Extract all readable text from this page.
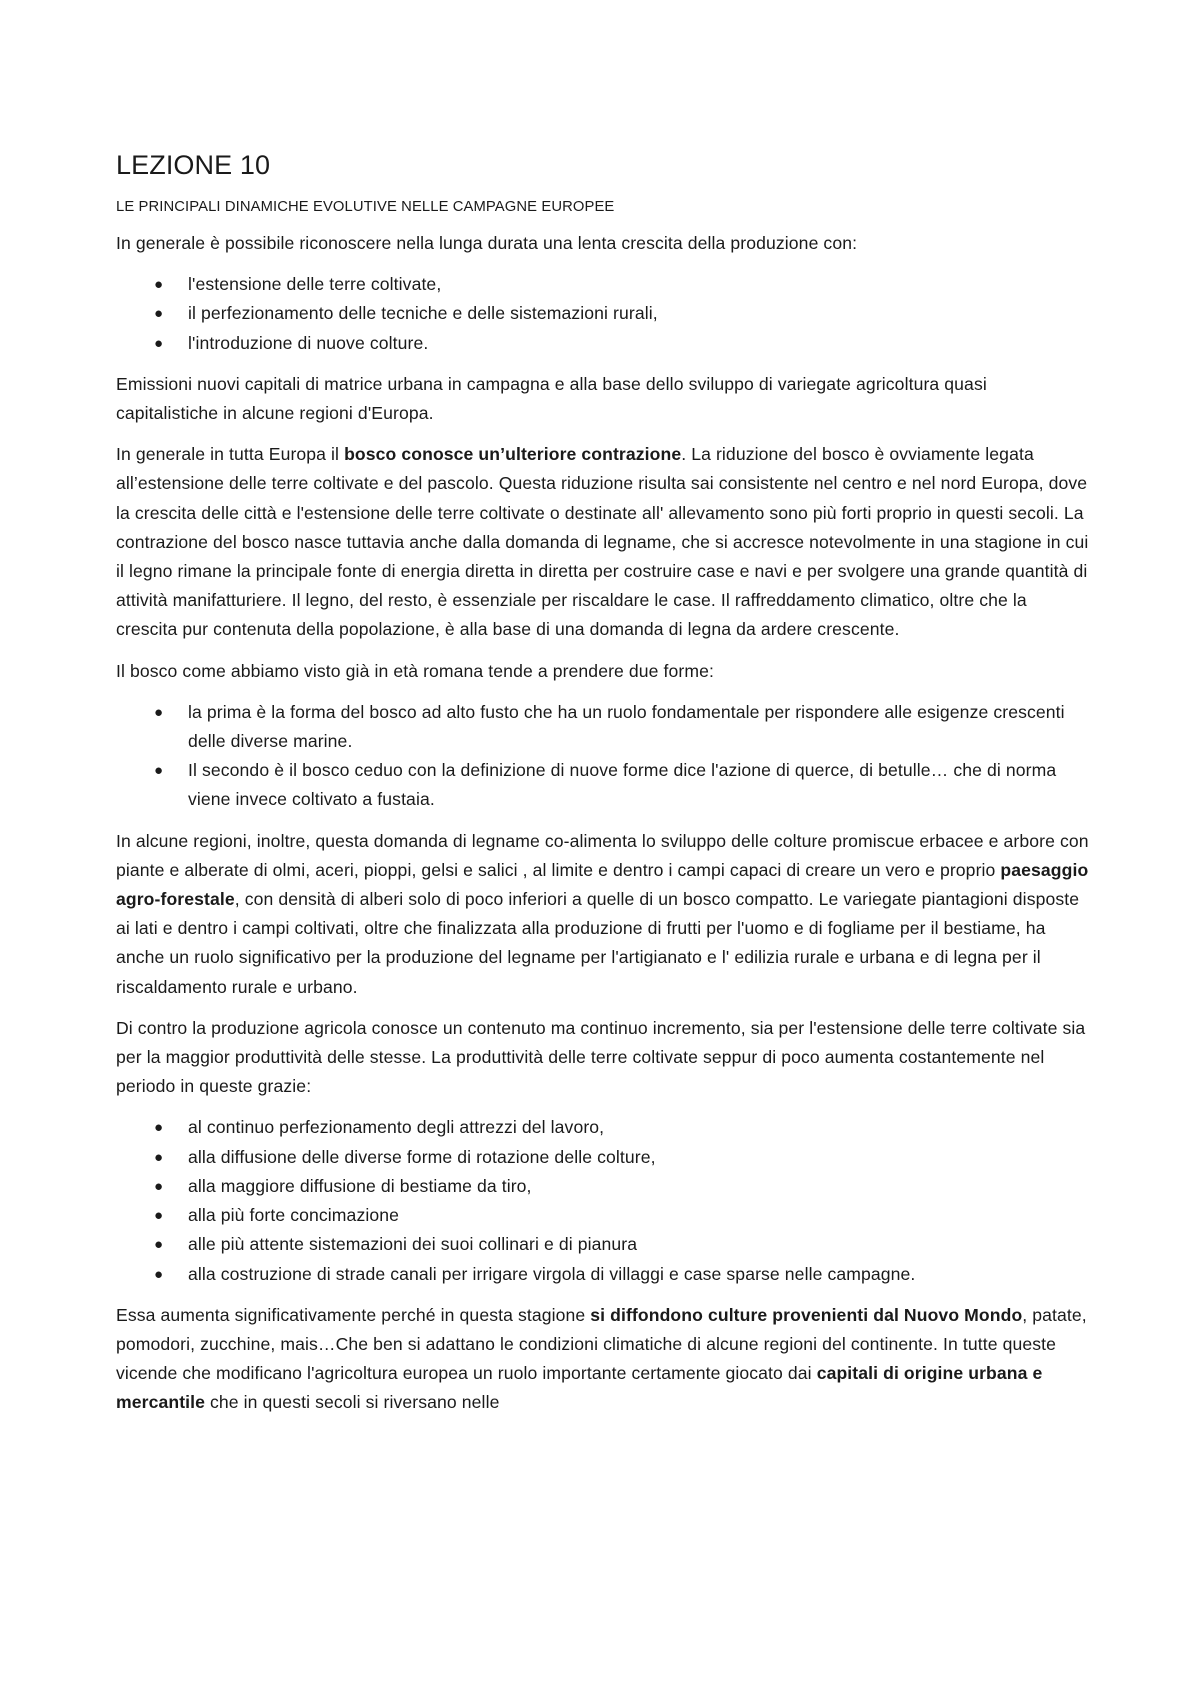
LEZIONE 10
LE PRINCIPALI DINAMICHE EVOLUTIVE NELLE CAMPAGNE EUROPEE

In generale è possibile riconoscere nella lunga durata una lenta crescita della produzione con:

● l'estensione delle terre coltivate,
● il perfezionamento delle tecniche e delle sistemazioni rurali,
● l'introduzione di nuove colture.

Emissioni nuovi capitali di matrice urbana in campagna e alla base dello sviluppo di variegate agricoltura quasi capitalistiche in alcune regioni d'Europa.

In generale in tutta Europa il bosco conosce un’ulteriore contrazione. La riduzione del bosco è ovviamente legata all’estensione delle terre coltivate e del pascolo. Questa riduzione risulta sai consistente nel centro e nel nord Europa, dove la crescita delle città e l'estensione delle terre coltivate o destinate all' allevamento sono più forti proprio in questi secoli. La contrazione del bosco nasce tuttavia anche dalla domanda di legname, che si accresce notevolmente in una stagione in cui il legno rimane la principale fonte di energia diretta in diretta per costruire case e navi e per svolgere una grande quantità di attività manifatturiere. Il legno, del resto, è essenziale per riscaldare le case. Il raffreddamento climatico, oltre che la crescita pur contenuta della popolazione, è alla base di una domanda di legna da ardere crescente.

Il bosco come abbiamo visto già in età romana tende a prendere due forme:

● la prima è la forma del bosco ad alto fusto che ha un ruolo fondamentale per rispondere alle esigenze crescenti delle diverse marine.
● Il secondo è il bosco ceduo con la definizione di nuove forme dice l'azione di querce, di betulle… che di norma viene invece coltivato a fustaia.

In alcune regioni, inoltre, questa domanda di legname co-alimenta lo sviluppo delle colture promiscue erbacee e arbore con piante e alberate di olmi, aceri, pioppi, gelsi e salici , al limite e dentro i campi capaci di creare un vero e proprio paesaggio agro-forestale, con densità di alberi solo di poco inferiori a quelle di un bosco compatto. Le variegate piantagioni disposte ai lati e dentro i campi coltivati, oltre che finalizzata alla produzione di frutti per l'uomo e di fogliame per il bestiame, ha anche un ruolo significativo per la produzione del legname per l'artigianato e l' edilizia rurale e urbana e di legna per il riscaldamento rurale e urbano.

Di contro la produzione agricola conosce un contenuto ma continuo incremento, sia per l'estensione delle terre coltivate sia per la maggior produttività delle stesse. La produttività delle terre coltivate seppur di poco aumenta costantemente nel periodo in queste grazie:

● al continuo perfezionamento degli attrezzi del lavoro,
● alla diffusione delle diverse forme di rotazione delle colture,
● alla maggiore diffusione di bestiame da tiro,
● alla più forte concimazione
● alle più attente sistemazioni dei suoi collinari e di pianura
● alla costruzione di strade canali per irrigare virgola di villaggi e case sparse nelle campagne.

Essa aumenta significativamente perché in questa stagione si diffondono culture provenienti dal Nuovo Mondo, patate, pomodori, zucchine, mais…Che ben si adattano le condizioni climatiche di alcune regioni del continente. In tutte queste vicende che modificano l'agricoltura europea un ruolo importante certamente giocato dai capitali di origine urbana e mercantile che in questi secoli si riversano nelle
